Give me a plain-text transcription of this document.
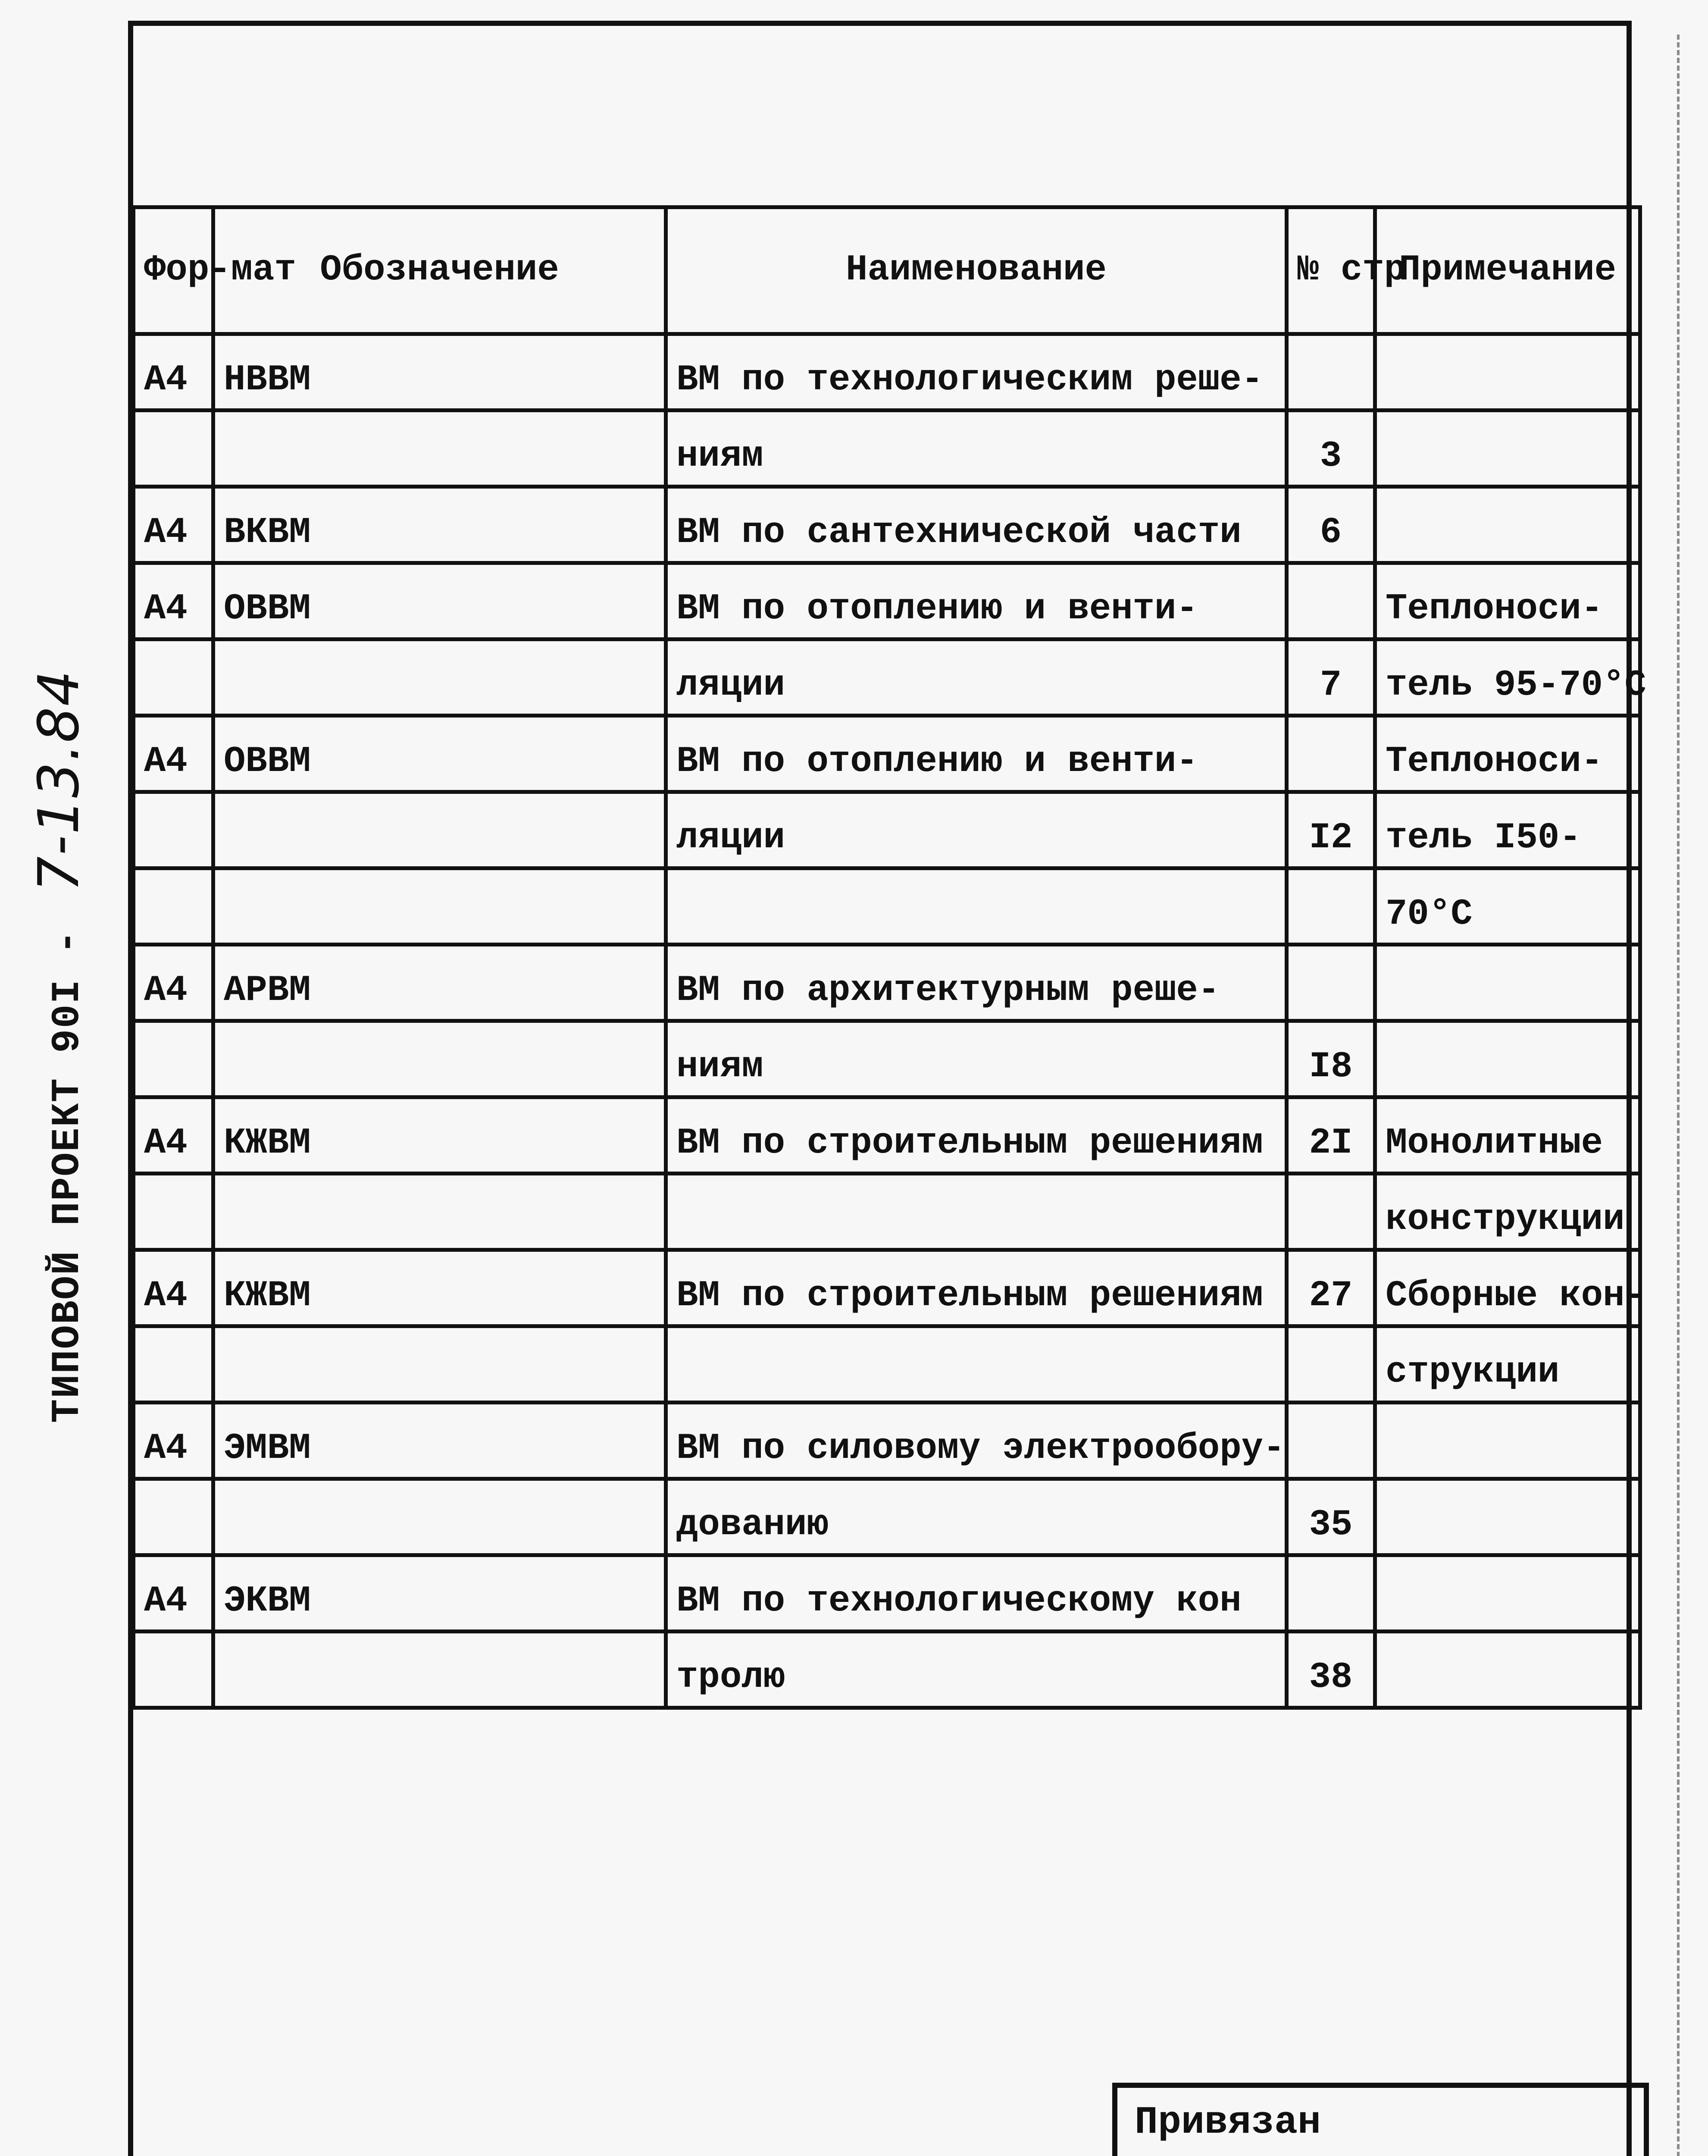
ТИПОВОЙ ПРОЕКТ 90I - 7-13.84
Фор-мат	Обозначение	Наименование	№ стр	Примечание
А4	НВВМ	ВМ по технологическим реше-		
		ниям	3	
А4	ВКВМ	ВМ по сантехнической части	6	
А4	ОВВМ	ВМ по отоплению и венти-		Теплоноси-
		ляции	7	тель 95-70°С
А4	ОВВМ	ВМ по отоплению и венти-		Теплоноси-
		ляции	I2	тель I50-
				70°С
А4	АРВМ	ВМ по архитектурным реше-		
		ниям	I8	
А4	КЖВМ	ВМ по строительным решениям	2I	Монолитные
				конструкции
А4	КЖВМ	ВМ по строительным решениям	27	Сборные кон-
				струкции
А4	ЭМВМ	ВМ по силовому электрообору-		
		дованию	35	
А4	ЭКВМ	ВМ по технологическому кон		
		тролю	38	
Привязан
